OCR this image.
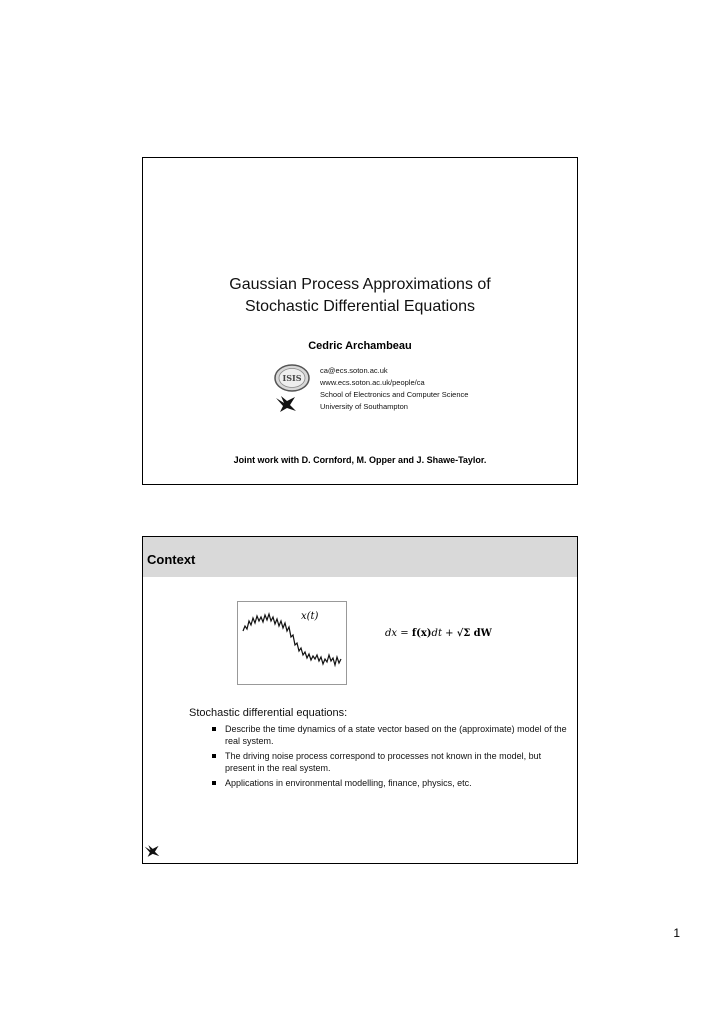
Gaussian Process Approximations of
Stochastic Differential Equations
Cedric Archambeau
ISIS
ca@ecs.soton.ac.uk
www.ecs.soton.ac.uk/people/ca
School of Electronics and Computer Science
University of Southampton
Joint work with D. Cornford, M. Opper and J. Shawe-Taylor.
Context
x(t)
dx = f(x)dt + √Σ dW

Stochastic differential equations:

Describe the time dynamics of a state vector based on the (approximate) model of the real system.
The driving noise process correspond to processes not known in the model, but present in the real system.
Applications in environmental modelling, finance, physics, etc.
1
